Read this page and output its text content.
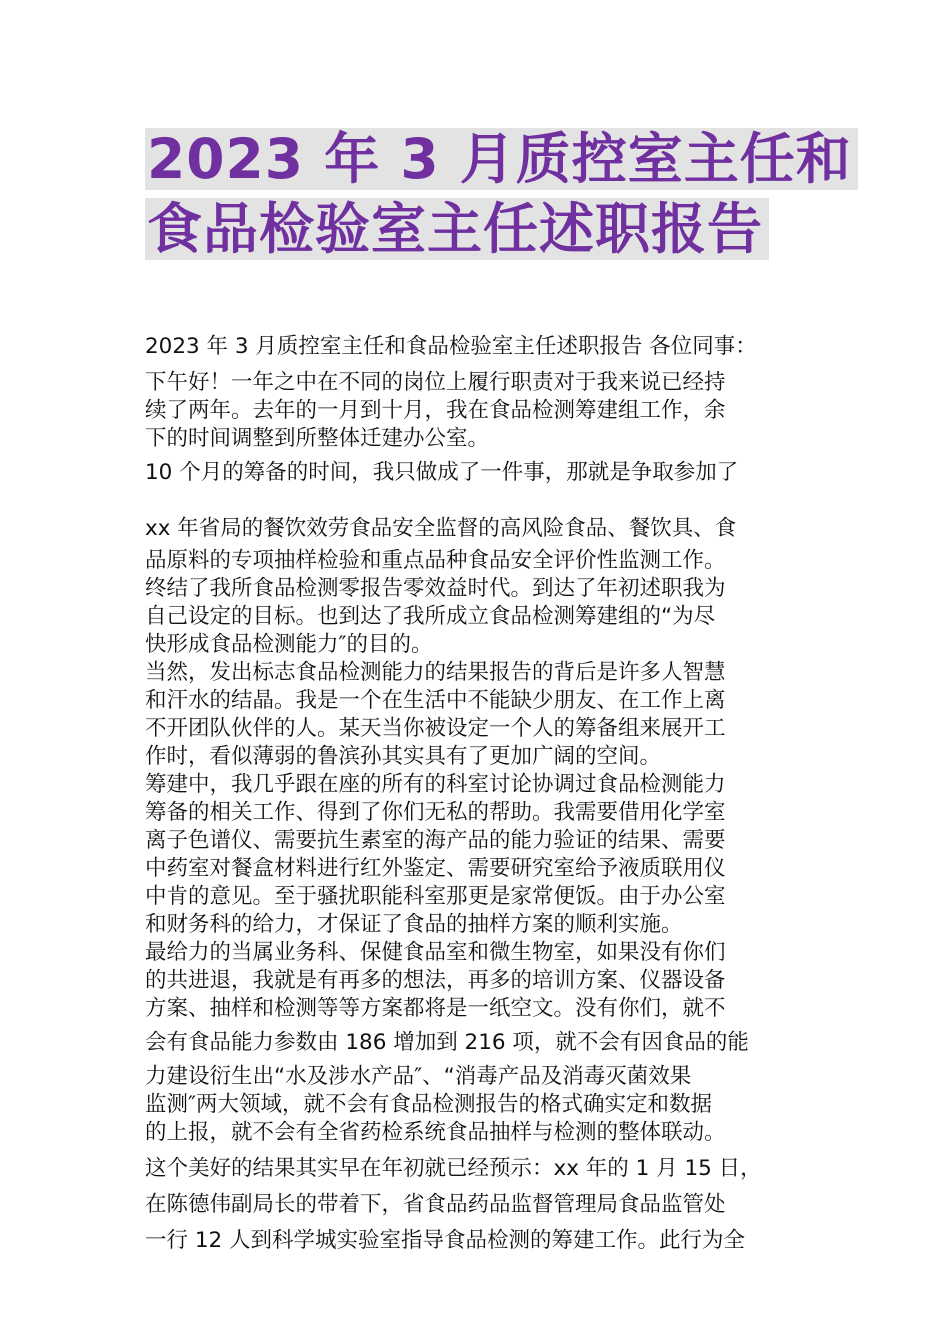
2023 年 3 月质控室主任和 食品检验室主任述职报告

2023 年 3 月质控室主任和食品检验室主任述职报告 各位同事：

下午好！一年之中在不同的岗位上履行职责对于我来说已经持

续了两年。去年的一月到十月，我在食品检测筹建组工作，余

下的时间调整到所整体迁建办公室。

10 个月的筹备的时间，我只做成了一件事，那就是争取参加了

xx 年省局的餐饮效劳食品安全监督的高风险食品、餐饮具、食

品原料的专项抽样检验和重点品种食品安全评价性监测工作。

终结了我所食品检测零报告零效益时代。到达了年初述职我为

自己设定的目标。也到达了我所成立食品检测筹建组的“为尽

快形成食品检测能力″的目的。

当然，发出标志食品检测能力的结果报告的背后是许多人智慧

和汗水的结晶。我是一个在生活中不能缺少朋友、在工作上离

不开团队伙伴的人。某天当你被设定一个人的筹备组来展开工

作时，看似薄弱的鲁滨孙其实具有了更加广阔的空间。

筹建中，我几乎跟在座的所有的科室讨论协调过食品检测能力

筹备的相关工作、得到了你们无私的帮助。我需要借用化学室

离子色谱仪、需要抗生素室的海产品的能力验证的结果、需要

中药室对餐盒材料进行红外鉴定、需要研究室给予液质联用仪

中肯的意见。至于骚扰职能科室那更是家常便饭。由于办公室

和财务科的给力，才保证了食品的抽样方案的顺利实施。

最给力的当属业务科、保健食品室和微生物室，如果没有你们

的共进退，我就是有再多的想法，再多的培训方案、仪器设备

方案、抽样和检测等等方案都将是一纸空文。没有你们，就不

会有食品能力参数由 186 增加到 216 项，就不会有因食品的能

力建设衍生出“水及涉水产品″、“消毒产品及消毒灭菌效果

监测″两大领域，就不会有食品检测报告的格式确实定和数据

的上报，就不会有全省药检系统食品抽样与检测的整体联动。

这个美好的结果其实早在年初就已经预示：xx 年的 1 月 15 日，

在陈德伟副局长的带着下，省食品药品监督管理局食品监管处

一行 12 人到科学城实验室指导食品检测的筹建工作。此行为全
